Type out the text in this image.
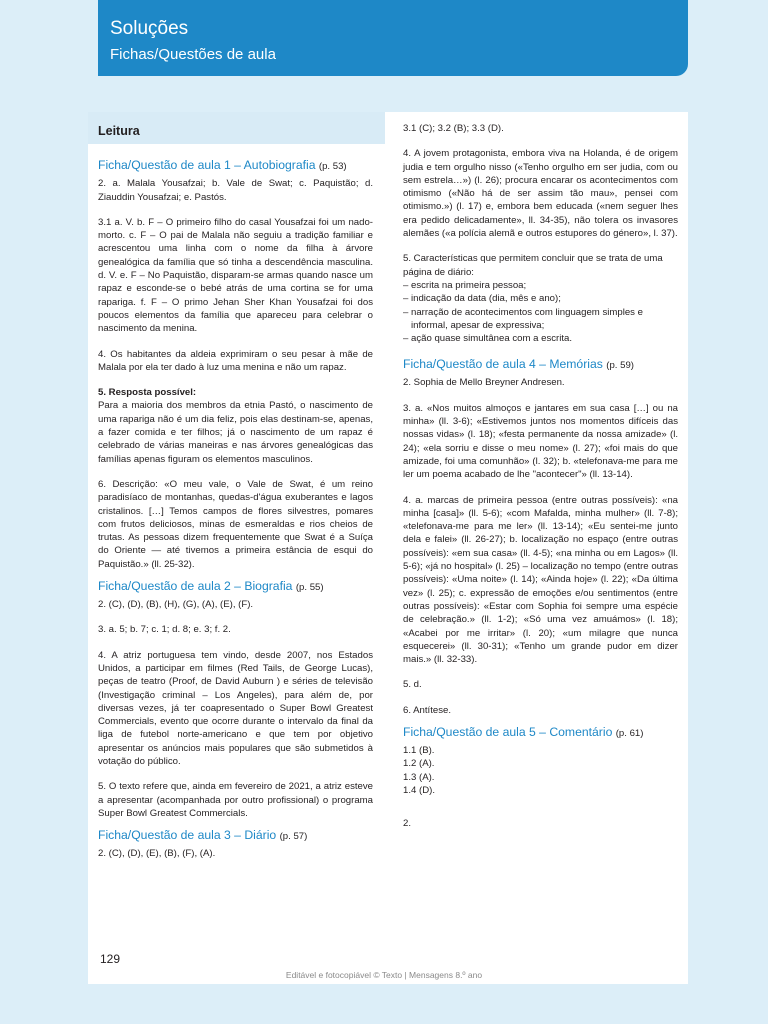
Soluções
Fichas/Questões de aula
Leitura
Ficha/Questão de aula 1 – Autobiografia (p. 53)

2. a. Malala Yousafzai; b. Vale de Swat; c. Paquistão; d. Ziauddin Yousafzai; e. Pastós.

3.1 a. V. b. F – O primeiro filho do casal Yousafzai foi um nado-morto. c. F – O pai de Malala não seguiu a tradição familiar e acrescentou uma linha com o nome da filha à árvore genealógica da família que só tinha a descendência masculina. d. V. e. F – No Paquistão, disparam-se armas quando nasce um rapaz e esconde-se o bebé atrás de uma cortina se for uma rapariga. f. F – O primo Jehan Sher Khan Yousafzai foi dos poucos elementos da família que apareceu para celebrar o nascimento da menina.

4. Os habitantes da aldeia exprimiram o seu pesar à mãe de Malala por ela ter dado à luz uma menina e não um rapaz.

5. Resposta possível:

Para a maioria dos membros da etnia Pastó, o nascimento de uma rapariga não é um dia feliz, pois elas destinam-se, apenas, a fazer comida e ter filhos; já o nascimento de um rapaz é celebrado de várias maneiras e nas árvores genealógicas das famílias apenas figuram os elementos masculinos.

6. Descrição: «O meu vale, o Vale de Swat, é um reino paradisíaco de montanhas, quedas-d'água exuberantes e lagos cristalinos. […] Temos campos de flores silvestres, pomares com frutos deliciosos, minas de esmeraldas e rios cheios de trutas. As pessoas dizem frequentemente que Swat é a Suíça do Oriente — até tivemos a primeira estância de esqui do Paquistão.» (ll. 25-32).

Ficha/Questão de aula 2 – Biografia (p. 55)

2. (C), (D), (B), (H), (G), (A), (E), (F).

3. a. 5; b. 7; c. 1; d. 8; e. 3; f. 2.

4. A atriz portuguesa tem vindo, desde 2007, nos Estados Unidos, a participar em filmes (Red Tails, de George Lucas), peças de teatro (Proof, de David Auburn ) e séries de televisão (Investigação criminal – Los Angeles), para além de, por diversas vezes, já ter coapresentado o Super Bowl Greatest Commercials, evento que ocorre durante o intervalo da final da liga de futebol norte-americano e que tem por objetivo apresentar os anúncios mais populares que são submetidos à votação do público.

5. O texto refere que, ainda em fevereiro de 2021, a atriz esteve a apresentar (acompanhada por outro profissional) o programa Super Bowl Greatest Commercials.

Ficha/Questão de aula 3 – Diário (p. 57)

2. (C), (D), (E), (B), (F), (A).

3.1 (C); 3.2 (B); 3.3 (D).

4. A jovem protagonista, embora viva na Holanda, é de origem judia e tem orgulho nisso («Tenho orgulho em ser judia, com ou sem estrela…») (l. 26); procura encarar os acontecimentos com otimismo («Não há de ser assim tão mau», pensei com otimismo.») (l. 17) e, embora bem educada («nem seguer lhes era pedido delicadamente», ll. 34-35), não tolera os invasores alemães («a polícia alemã e outros estupores do género», l. 37).

5. Características que permitem concluir que se trata de uma página de diário:
– escrita na primeira pessoa;
– indicação da data (dia, mês e ano);
– narração de acontecimentos com linguagem simples e informal, apesar de expressiva;
– ação quase simultânea com a escrita.
Ficha/Questão de aula 4 – Memórias (p. 59)

2. Sophia de Mello Breyner Andresen.

3. a. «Nos muitos almoços e jantares em sua casa […] ou na minha» (ll. 3-6); «Estivemos juntos nos momentos difíceis das nossas vidas» (l. 18); «festa permanente da nossa amizade» (l. 24); «ela sorriu e disse o meu nome» (l. 27); «foi mais do que amizade, foi uma comunhão» (l. 32); b. «telefonava-me para me ler um poema acabado de lhe "acontecer"» (ll. 13-14).

4. a. marcas de primeira pessoa (entre outras possíveis): «na minha [casa]» (ll. 5-6); «com Mafalda, minha mulher» (ll. 7-8); «telefonava-me para me ler» (ll. 13-14); «Eu sentei-me junto dela e falei» (ll. 26-27); b. localização no espaço (entre outras possíveis): «em sua casa» (ll. 4-5); «na minha ou em Lagos» (ll. 5-6); «já no hospital» (l. 25) – localização no tempo (entre outras possíveis): «Uma noite» (l. 14); «Ainda hoje» (l. 22); «Da última vez» (l. 25); c. expressão de emoções e/ou sentimentos (entre outras possíveis): «Estar com Sophia foi sempre uma espécie de celebração.» (ll. 1-2); «Só uma vez amuámos» (l. 18); «Acabei por me irritar» (l. 20); «um milagre que nunca esquecerei» (ll. 30-31); «Tenho um grande pudor em dizer mais.» (ll. 32-33).

5. d.

6. Antítese.

Ficha/Questão de aula 5 – Comentário (p. 61)
1.1 (B).
1.2 (A).
1.3 (A).
1.4 (D).

2.

129
Editável e fotocopiável © Texto | Mensagens 8.º ano
